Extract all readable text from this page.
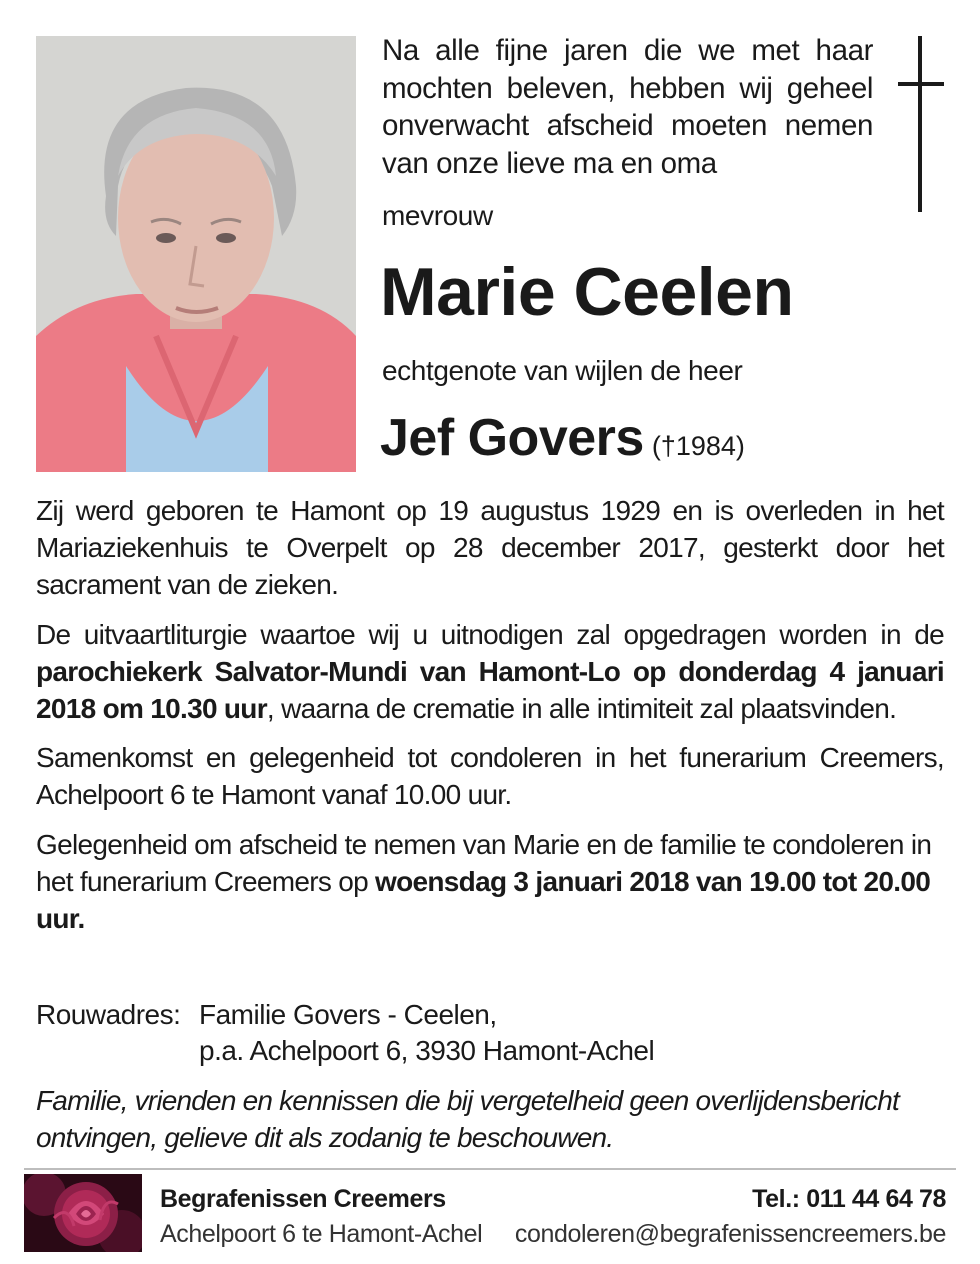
Na alle fijne jaren die we met haar mochten beleven, hebben wij geheel onverwacht afscheid moeten nemen van onze lieve ma en oma
mevrouw
Marie Ceelen
echtgenote van wijlen de heer
Jef Govers (†1984)

Zij werd geboren te Hamont op 19 augustus 1929 en is overleden in het Mariaziekenhuis te Overpelt op 28 december 2017, gesterkt door het sacrament van de zieken.

De uitvaartliturgie waartoe wij u uitnodigen zal opgedragen worden in de parochiekerk Salvator-Mundi van Hamont-Lo op donderdag 4 januari 2018 om 10.30 uur, waarna de crematie in alle intimiteit zal plaatsvinden.

Samenkomst en gelegenheid tot condoleren in het funerarium Creemers, Achelpoort 6 te Hamont vanaf 10.00 uur.

Gelegenheid om afscheid te nemen van Marie en de familie te condoleren in het funerarium Creemers op woensdag 3 januari 2018 van 19.00 tot 20.00 uur.

Rouwadres: Familie Govers - Ceelen,
p.a. Achelpoort 6, 3930 Hamont-Achel
Familie, vrienden en kennissen die bij vergetelheid geen overlijdensbericht ontvingen, gelieve dit als zodanig te beschouwen.
Begrafenissen Creemers
Achelpoort 6 te Hamont-Achel
Tel.: 011 44 64 78
condoleren@begrafenissencreemers.be
